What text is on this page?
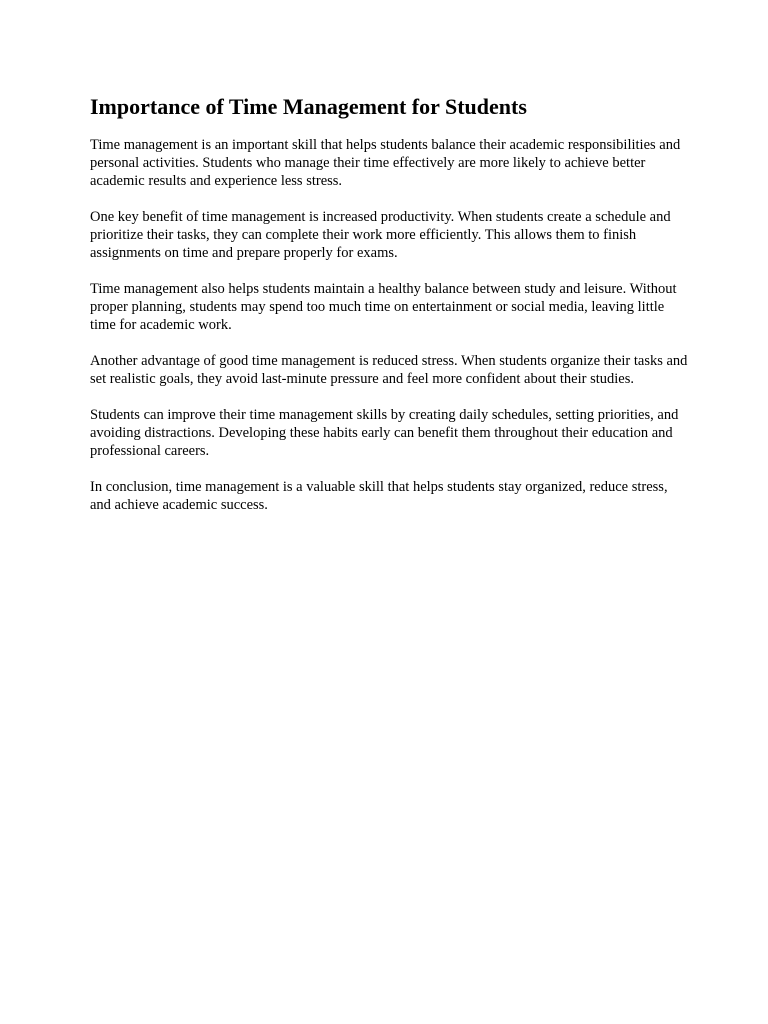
Importance of Time Management for Students

Time management is an important skill that helps students balance their academic responsibilities and personal activities. Students who manage their time effectively are more likely to achieve better academic results and experience less stress.

One key benefit of time management is increased productivity. When students create a schedule and prioritize their tasks, they can complete their work more efficiently. This allows them to finish assignments on time and prepare properly for exams.

Time management also helps students maintain a healthy balance between study and leisure. Without proper planning, students may spend too much time on entertainment or social media, leaving little time for academic work.

Another advantage of good time management is reduced stress. When students organize their tasks and set realistic goals, they avoid last-minute pressure and feel more confident about their studies.

Students can improve their time management skills by creating daily schedules, setting priorities, and avoiding distractions. Developing these habits early can benefit them throughout their education and professional careers.

In conclusion, time management is a valuable skill that helps students stay organized, reduce stress, and achieve academic success.
